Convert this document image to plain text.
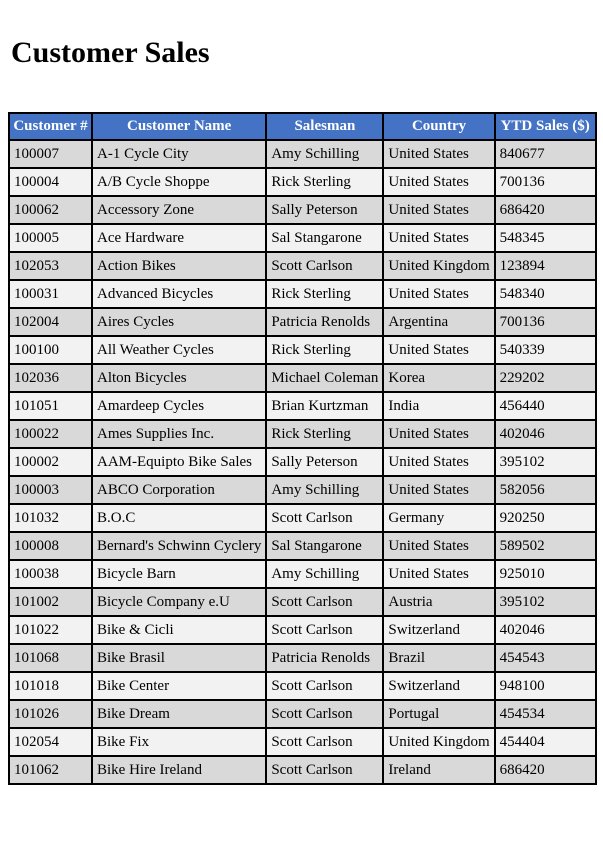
Customer Sales
Customer #	Customer Name	Salesman	Country	YTD Sales ($)
100007	A-1 Cycle City	Amy Schilling	United States	840677
100004	A/B Cycle Shoppe	Rick Sterling	United States	700136
100062	Accessory Zone	Sally Peterson	United States	686420
100005	Ace Hardware	Sal Stangarone	United States	548345
102053	Action Bikes	Scott Carlson	United Kingdom	123894
100031	Advanced Bicycles	Rick Sterling	United States	548340
102004	Aires Cycles	Patricia Renolds	Argentina	700136
100100	All Weather Cycles	Rick Sterling	United States	540339
102036	Alton Bicycles	Michael Coleman	Korea	229202
101051	Amardeep Cycles	Brian Kurtzman	India	456440
100022	Ames Supplies Inc.	Rick Sterling	United States	402046
100002	AAM-Equipto Bike Sales	Sally Peterson	United States	395102
100003	ABCO Corporation	Amy Schilling	United States	582056
101032	B.O.C	Scott Carlson	Germany	920250
100008	Bernard's Schwinn Cyclery	Sal Stangarone	United States	589502
100038	Bicycle Barn	Amy Schilling	United States	925010
101002	Bicycle Company e.U	Scott Carlson	Austria	395102
101022	Bike & Cicli	Scott Carlson	Switzerland	402046
101068	Bike Brasil	Patricia Renolds	Brazil	454543
101018	Bike Center	Scott Carlson	Switzerland	948100
101026	Bike Dream	Scott Carlson	Portugal	454534
102054	Bike Fix	Scott Carlson	United Kingdom	454404
101062	Bike Hire Ireland	Scott Carlson	Ireland	686420
